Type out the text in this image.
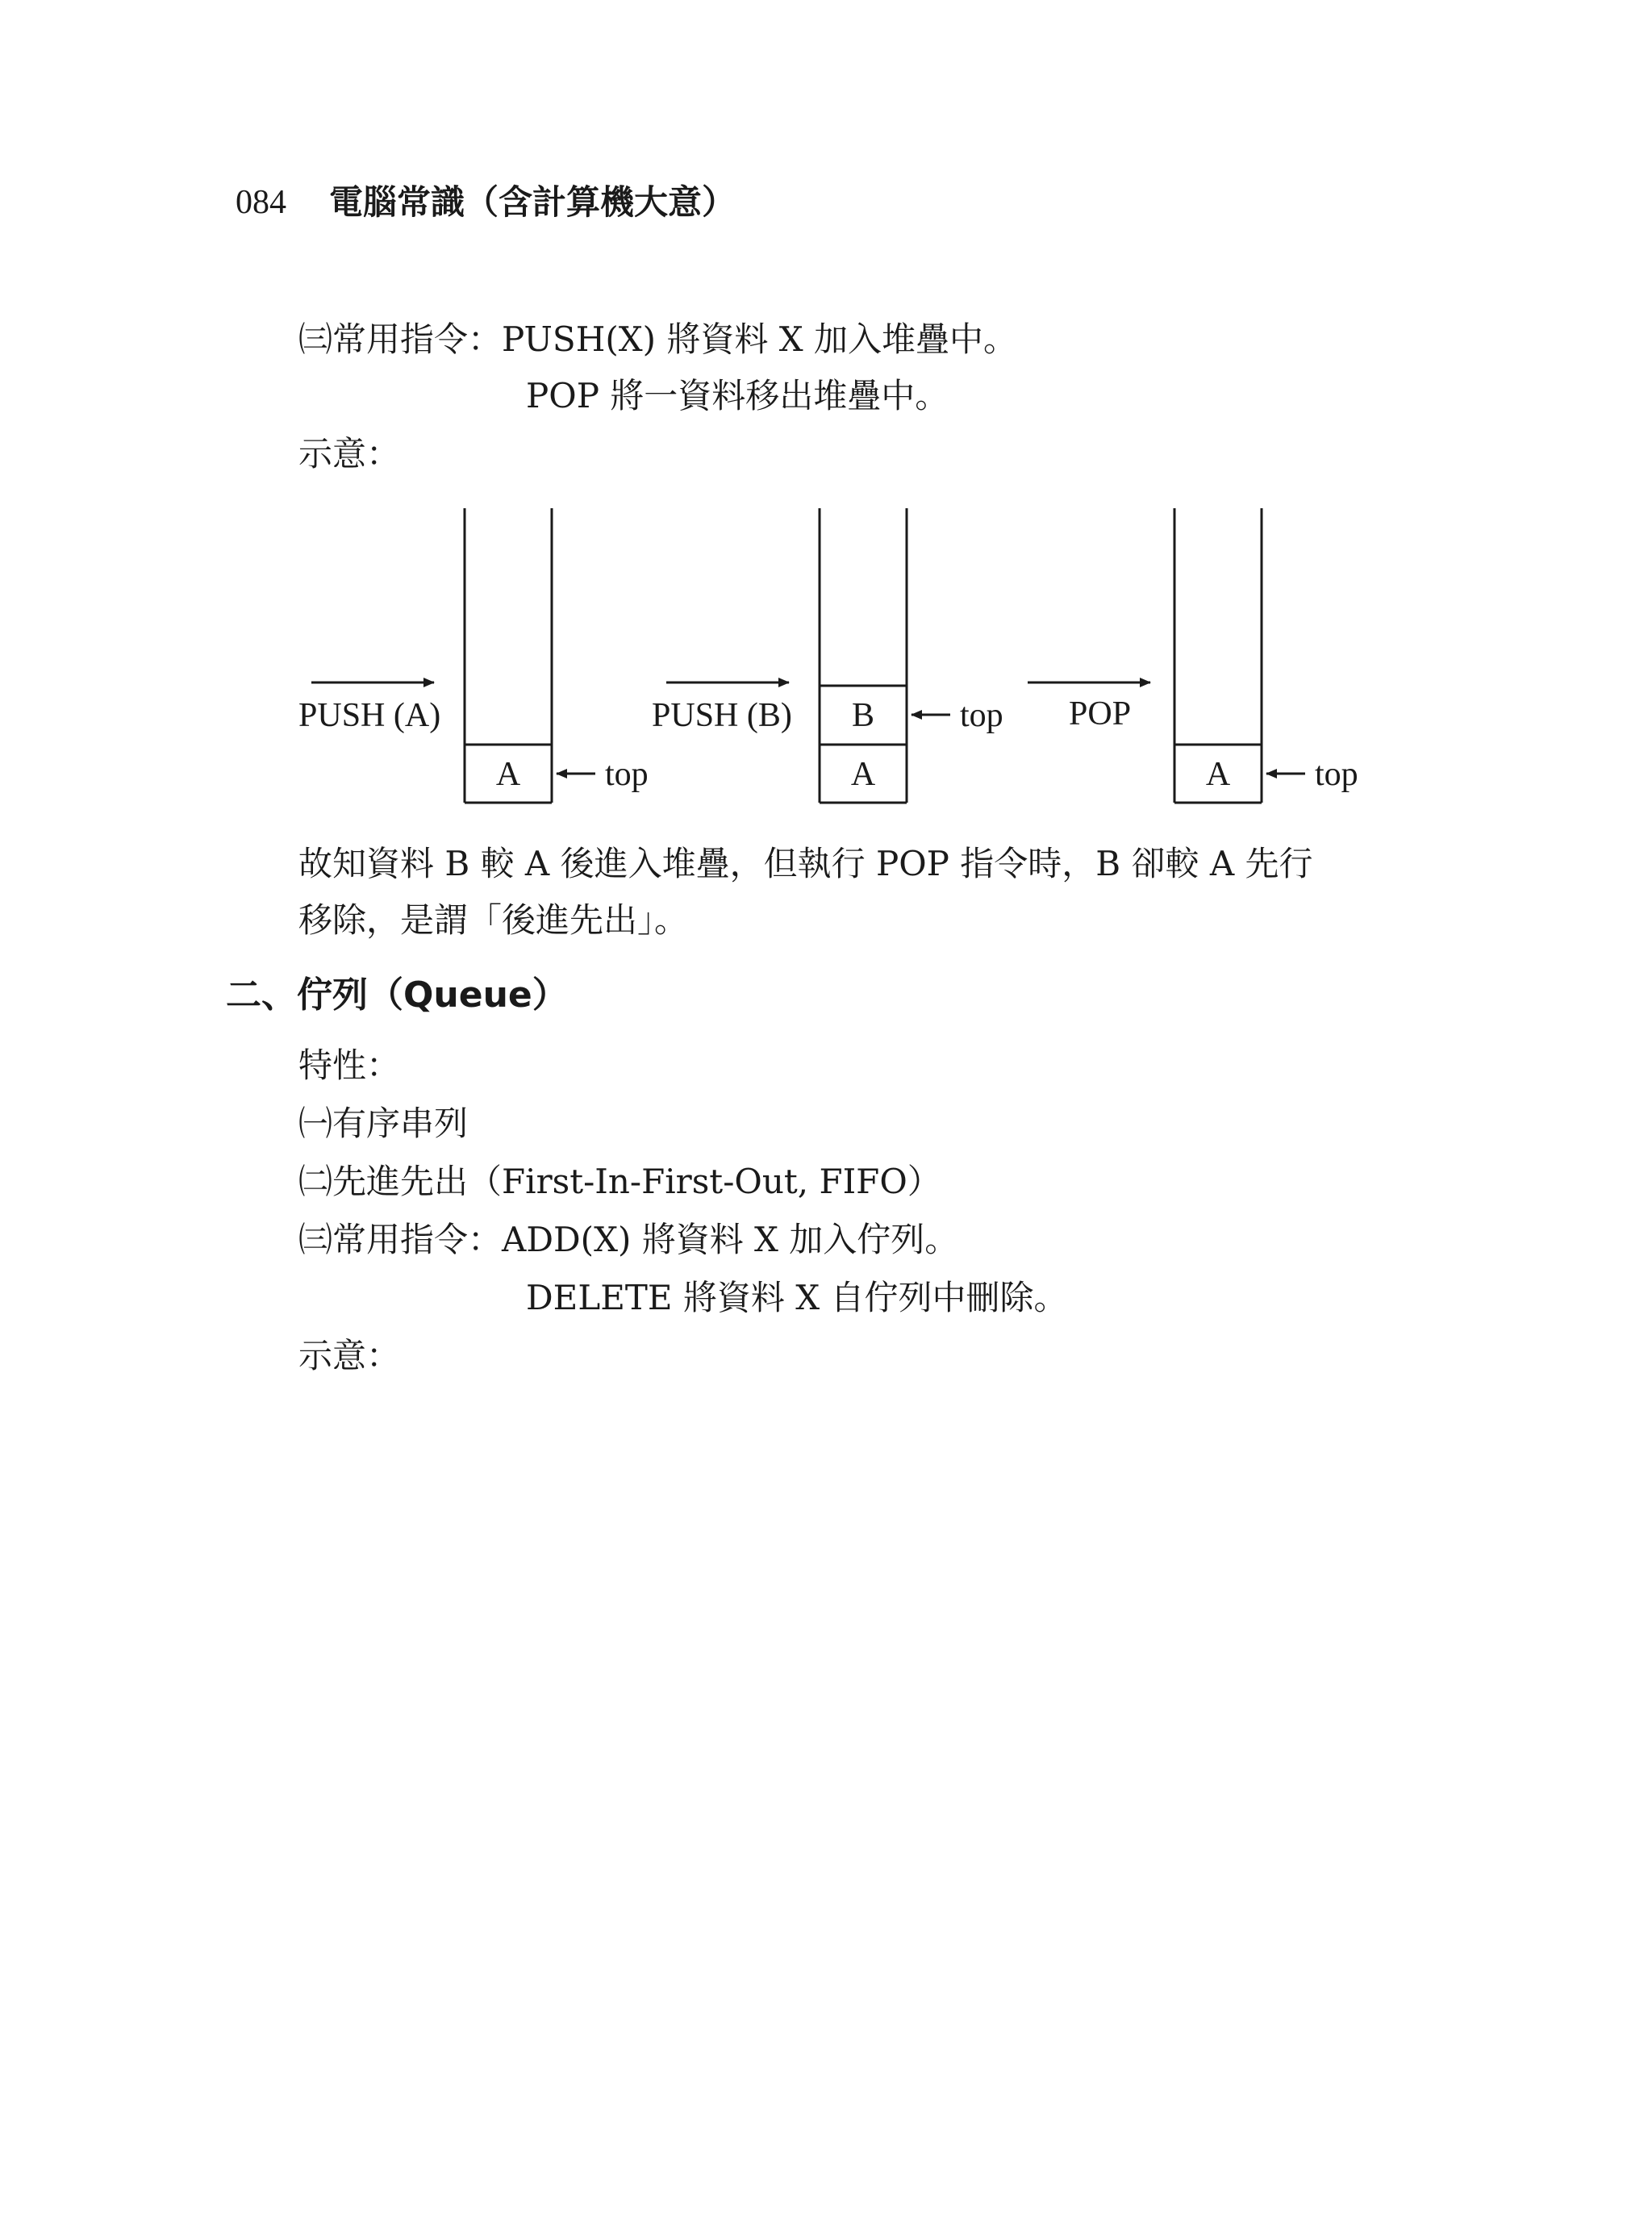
084 電腦常識（含計算機大意）
㈢常用指令：PUSH(X) 將資料 X 加入堆疊中。
POP 將一資料移出堆疊中。
示意：
PUSH (A)	PUSH (B)	POP
A
B
A	A
top
top
top
故知資料 B 較 A 後進入堆疊，但執行 POP 指令時，B 卻較 A 先行
移除，是謂「後進先出」。
二、佇列（Queue）
特性：
㈠有序串列
㈡先進先出（First-In-First-Out, FIFO）
㈢常用指令：ADD(X) 將資料 X 加入佇列。
DELETE 將資料 X 自佇列中刪除。
示意：
